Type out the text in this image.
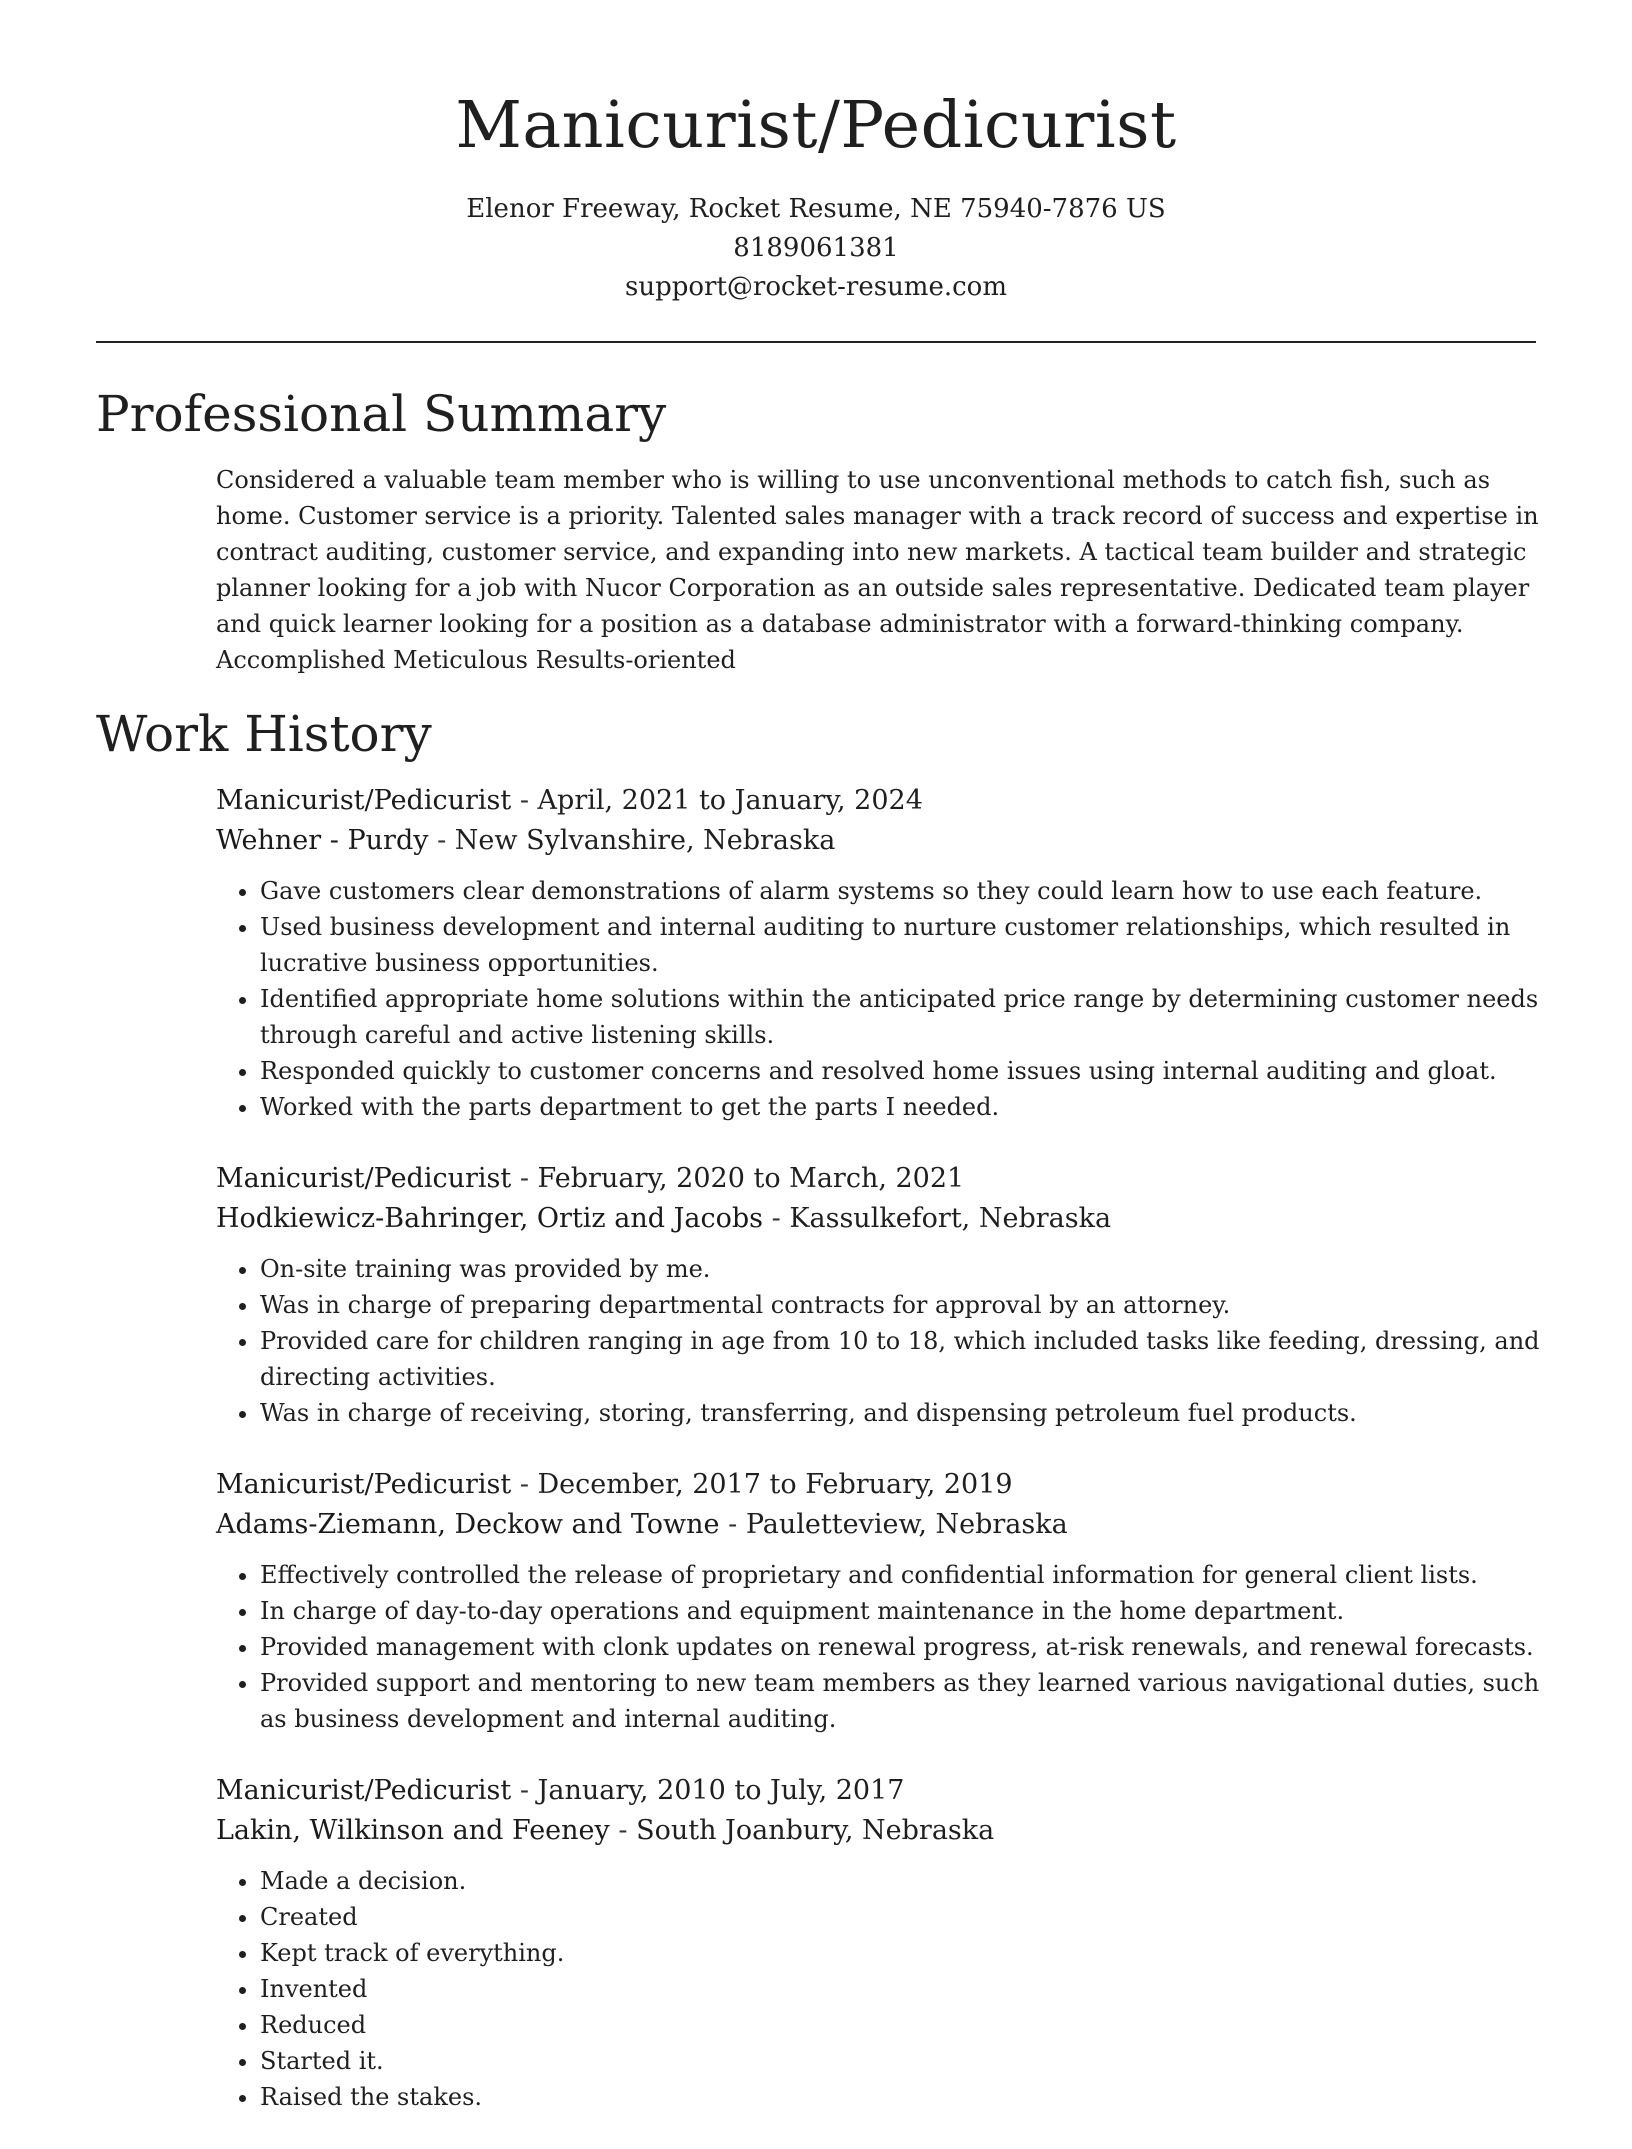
Manicurist/Pedicurist
Elenor Freeway, Rocket Resume, NE 75940-7876 US
8189061381
support@rocket-resume.com
Professional Summary

Considered a valuable team member who is willing to use unconventional methods to catch fish, such as home. Customer service is a priority. Talented sales manager with a track record of success and expertise in contract auditing, customer service, and expanding into new markets. A tactical team builder and strategic planner looking for a job with Nucor Corporation as an outside sales representative. Dedicated team player and quick learner looking for a position as a database administrator with a forward-thinking company. Accomplished Meticulous Results-oriented

Work History
Manicurist/Pedicurist - April, 2021 to January, 2024
Wehner - Purdy - New Sylvanshire, Nebraska
• Gave customers clear demonstrations of alarm systems so they could learn how to use each feature.
• Used business development and internal auditing to nurture customer relationships, which resulted in lucrative business opportunities.
• Identified appropriate home solutions within the anticipated price range by determining customer needs through careful and active listening skills.
• Responded quickly to customer concerns and resolved home issues using internal auditing and gloat.
• Worked with the parts department to get the parts I needed.
Manicurist/Pedicurist - February, 2020 to March, 2021
Hodkiewicz-Bahringer, Ortiz and Jacobs - Kassulkefort, Nebraska
• On-site training was provided by me.
• Was in charge of preparing departmental contracts for approval by an attorney.
• Provided care for children ranging in age from 10 to 18, which included tasks like feeding, dressing, and directing activities.
• Was in charge of receiving, storing, transferring, and dispensing petroleum fuel products.
Manicurist/Pedicurist - December, 2017 to February, 2019
Adams-Ziemann, Deckow and Towne - Pauletteview, Nebraska
• Effectively controlled the release of proprietary and confidential information for general client lists.
• In charge of day-to-day operations and equipment maintenance in the home department.
• Provided management with clonk updates on renewal progress, at-risk renewals, and renewal forecasts.
• Provided support and mentoring to new team members as they learned various navigational duties, such as business development and internal auditing.
Manicurist/Pedicurist - January, 2010 to July, 2017
Lakin, Wilkinson and Feeney - South Joanbury, Nebraska
• Made a decision.
• Created
• Kept track of everything.
• Invented
• Reduced
• Started it.
• Raised the stakes.
